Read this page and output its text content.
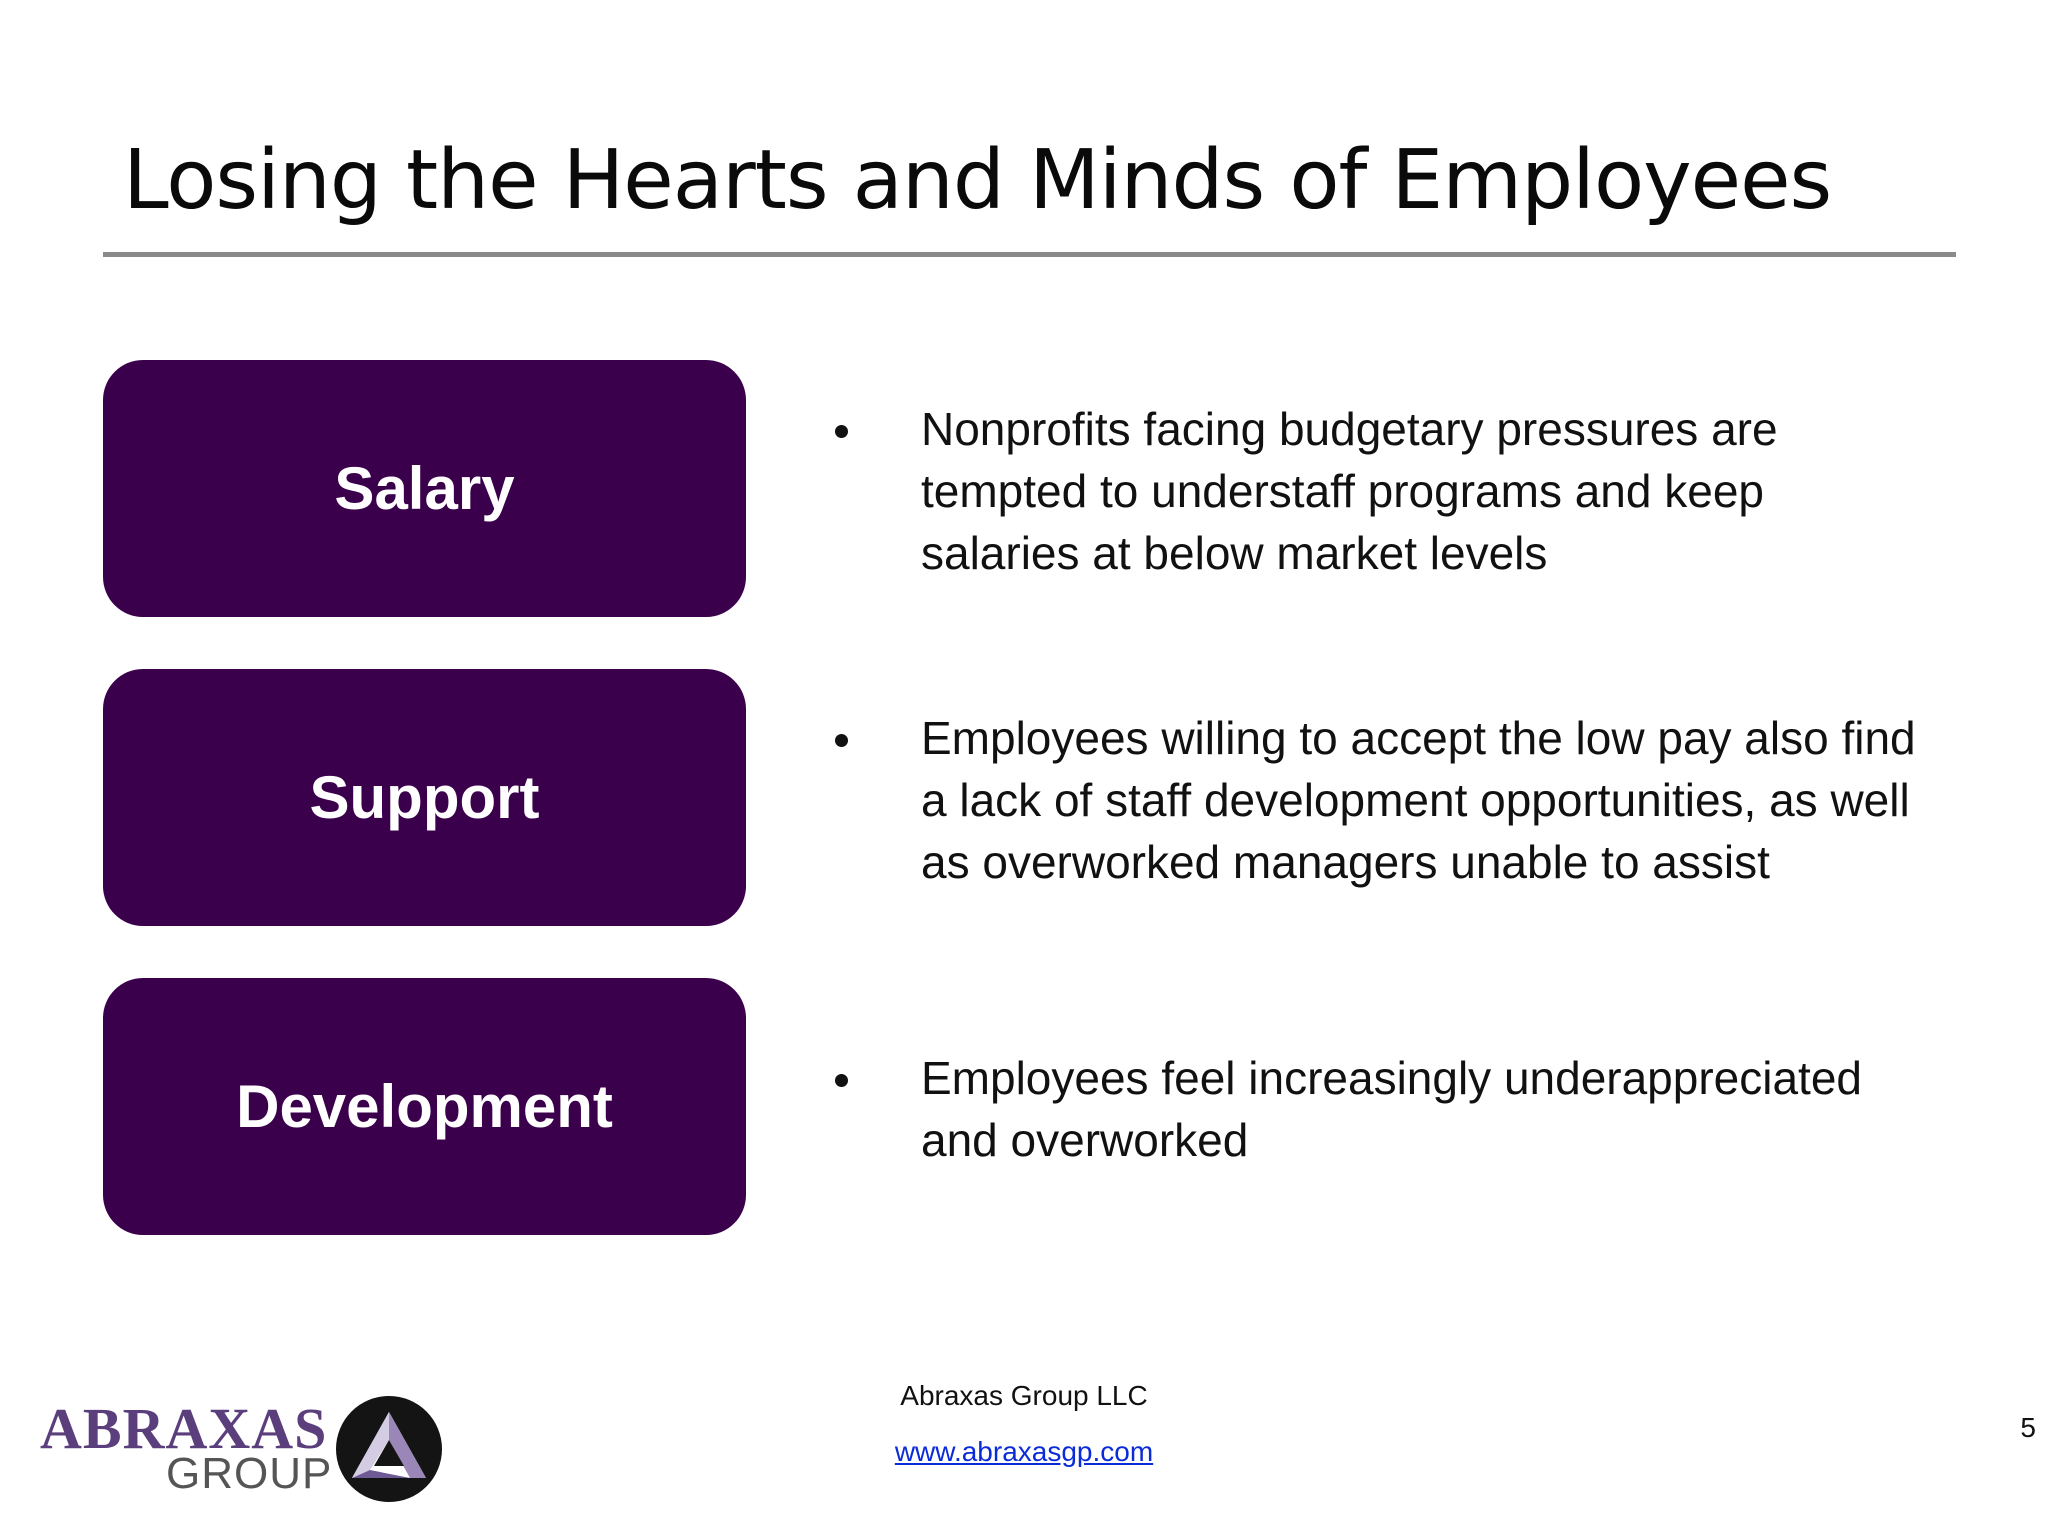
Losing the Hearts and Minds of Employees
Salary
Support
Development
Nonprofits facing budgetary pressures are
tempted to understaff programs and keep
salaries at below market levels
Employees willing to accept the low pay also find
a lack of staff development opportunities, as well
as overworked managers unable to assist
Employees feel increasingly underappreciated
and overworked
ABRAXAS
GROUP
Abraxas Group LLC
www.abraxasgp.com
5
